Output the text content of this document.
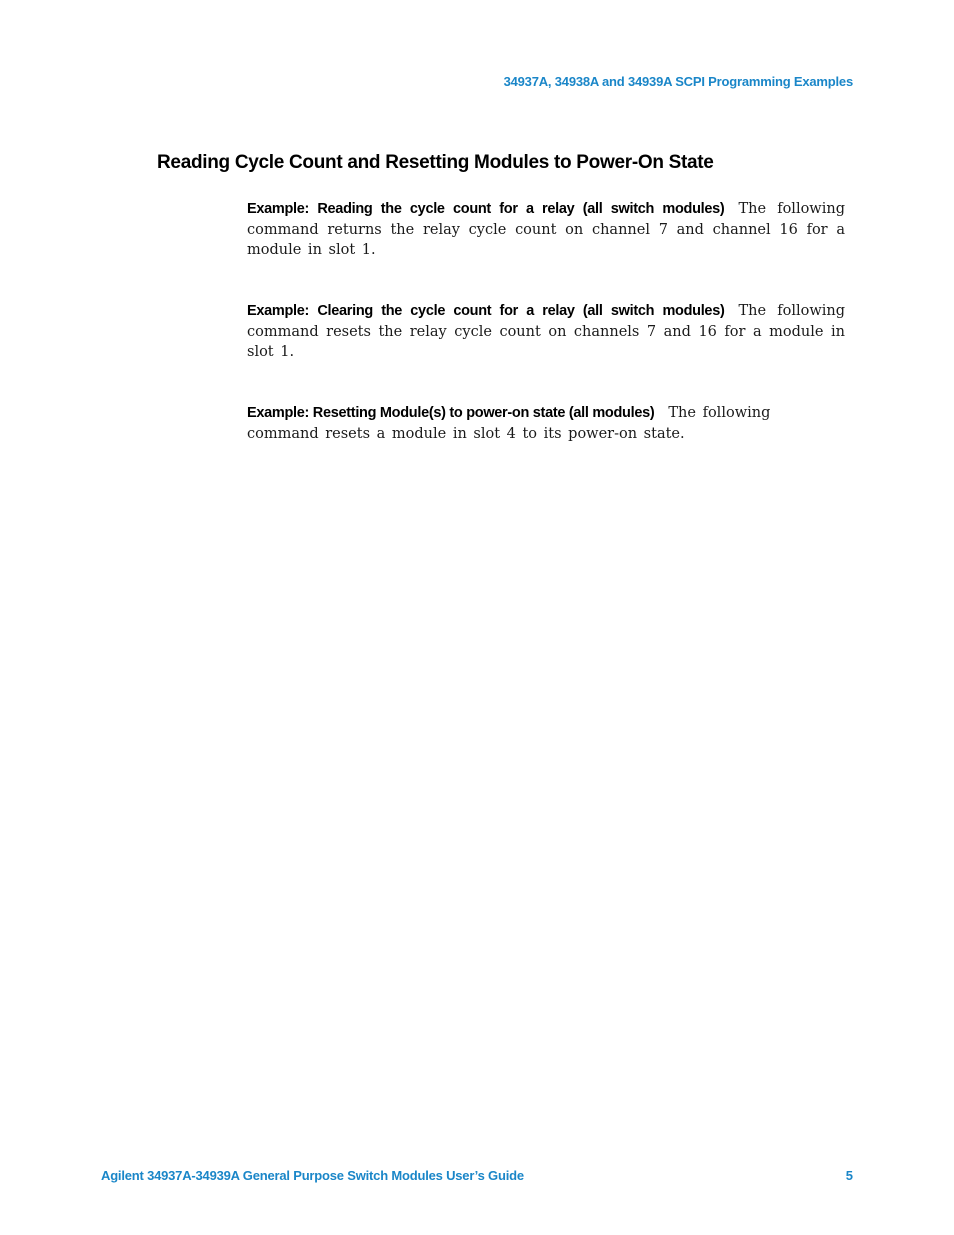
34937A, 34938A and 34939A SCPI Programming Examples
Reading Cycle Count and Resetting Modules to Power-On State

Example: Reading the cycle count for a relay (all switch modules) The following command returns the relay cycle count on channel 7 and channel 16 for a module in slot 1.

Example: Clearing the cycle count for a relay (all switch modules) The following command resets the relay cycle count on channels 7 and 16 for a module in slot 1.

Example: Resetting Module(s) to power-on state (all modules) The following command resets a module in slot 4 to its power-on state.

Agilent 34937A-34939A General Purpose Switch Modules User’s Guide	5
